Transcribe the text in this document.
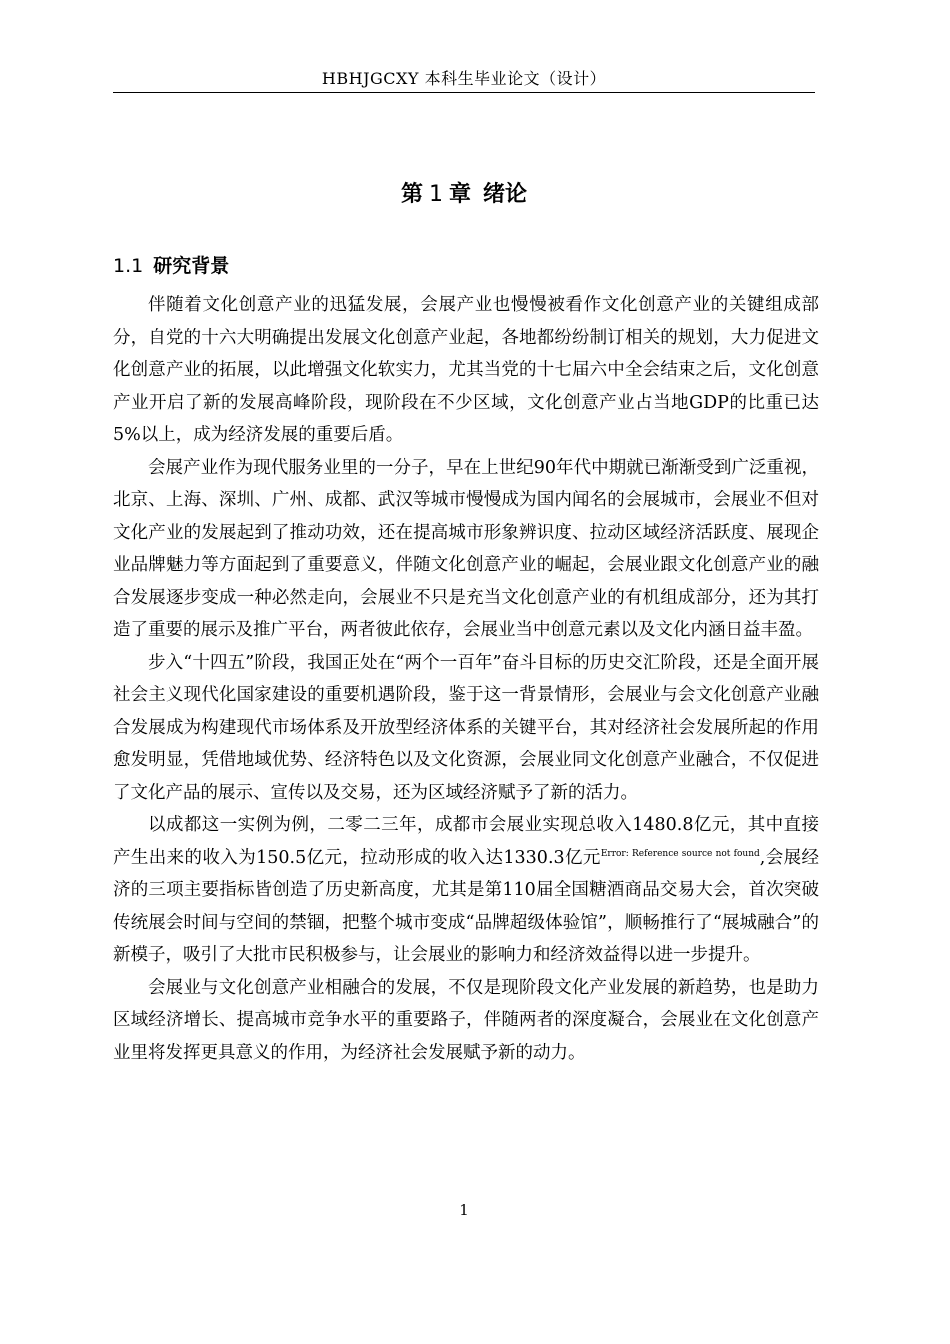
HBHJGCXY 本科生毕业论文（设计）
第 1 章 绪论
1.1 研究背景

伴随着文化创意产业的迅猛发展，会展产业也慢慢被看作文化创意产业的关键组成部分，自党的十六大明确提出发展文化创意产业起，各地都纷纷制订相关的规划，大力促进文化创意产业的拓展，以此增强文化软实力，尤其当党的十七届六中全会结束之后，文化创意产业开启了新的发展高峰阶段，现阶段在不少区域，文化创意产业占当地GDP的比重已达5%以上，成为经济发展的重要后盾。

会展产业作为现代服务业里的一分子，早在上世纪90年代中期就已渐渐受到广泛重视，北京、上海、深圳、广州、成都、武汉等城市慢慢成为国内闻名的会展城市，会展业不但对文化产业的发展起到了推动功效，还在提高城市形象辨识度、拉动区域经济活跃度、展现企业品牌魅力等方面起到了重要意义，伴随文化创意产业的崛起，会展业跟文化创意产业的融合发展逐步变成一种必然走向，会展业不只是充当文化创意产业的有机组成部分，还为其打造了重要的展示及推广平台，两者彼此依存，会展业当中创意元素以及文化内涵日益丰盈。

步入“十四五”阶段，我国正处在“两个一百年”奋斗目标的历史交汇阶段，还是全面开展社会主义现代化国家建设的重要机遇阶段，鉴于这一背景情形，会展业与会文化创意产业融合发展成为构建现代市场体系及开放型经济体系的关键平台，其对经济社会发展所起的作用愈发明显，凭借地域优势、经济特色以及文化资源，会展业同文化创意产业融合，不仅促进了文化产品的展示、宣传以及交易，还为区域经济赋予了新的活力。

以成都这一实例为例，二零二三年，成都市会展业实现总收入1480.8亿元，其中直接产生出来的收入为150.5亿元，拉动形成的收入达1330.3亿元$^{Error: Reference source not found}$,会展经济的三项主要指标皆创造了历史新高度，尤其是第110届全国糖酒商品交易大会，首次突破传统展会时间与空间的禁锢，把整个城市变成“品牌超级体验馆”，顺畅推行了“展城融合”的新模子，吸引了大批市民积极参与，让会展业的影响力和经济效益得以进一步提升。

会展业与文化创意产业相融合的发展，不仅是现阶段文化产业发展的新趋势，也是助力区域经济增长、提高城市竞争水平的重要路子，伴随两者的深度凝合，会展业在文化创意产业里将发挥更具意义的作用，为经济社会发展赋予新的动力。

1
